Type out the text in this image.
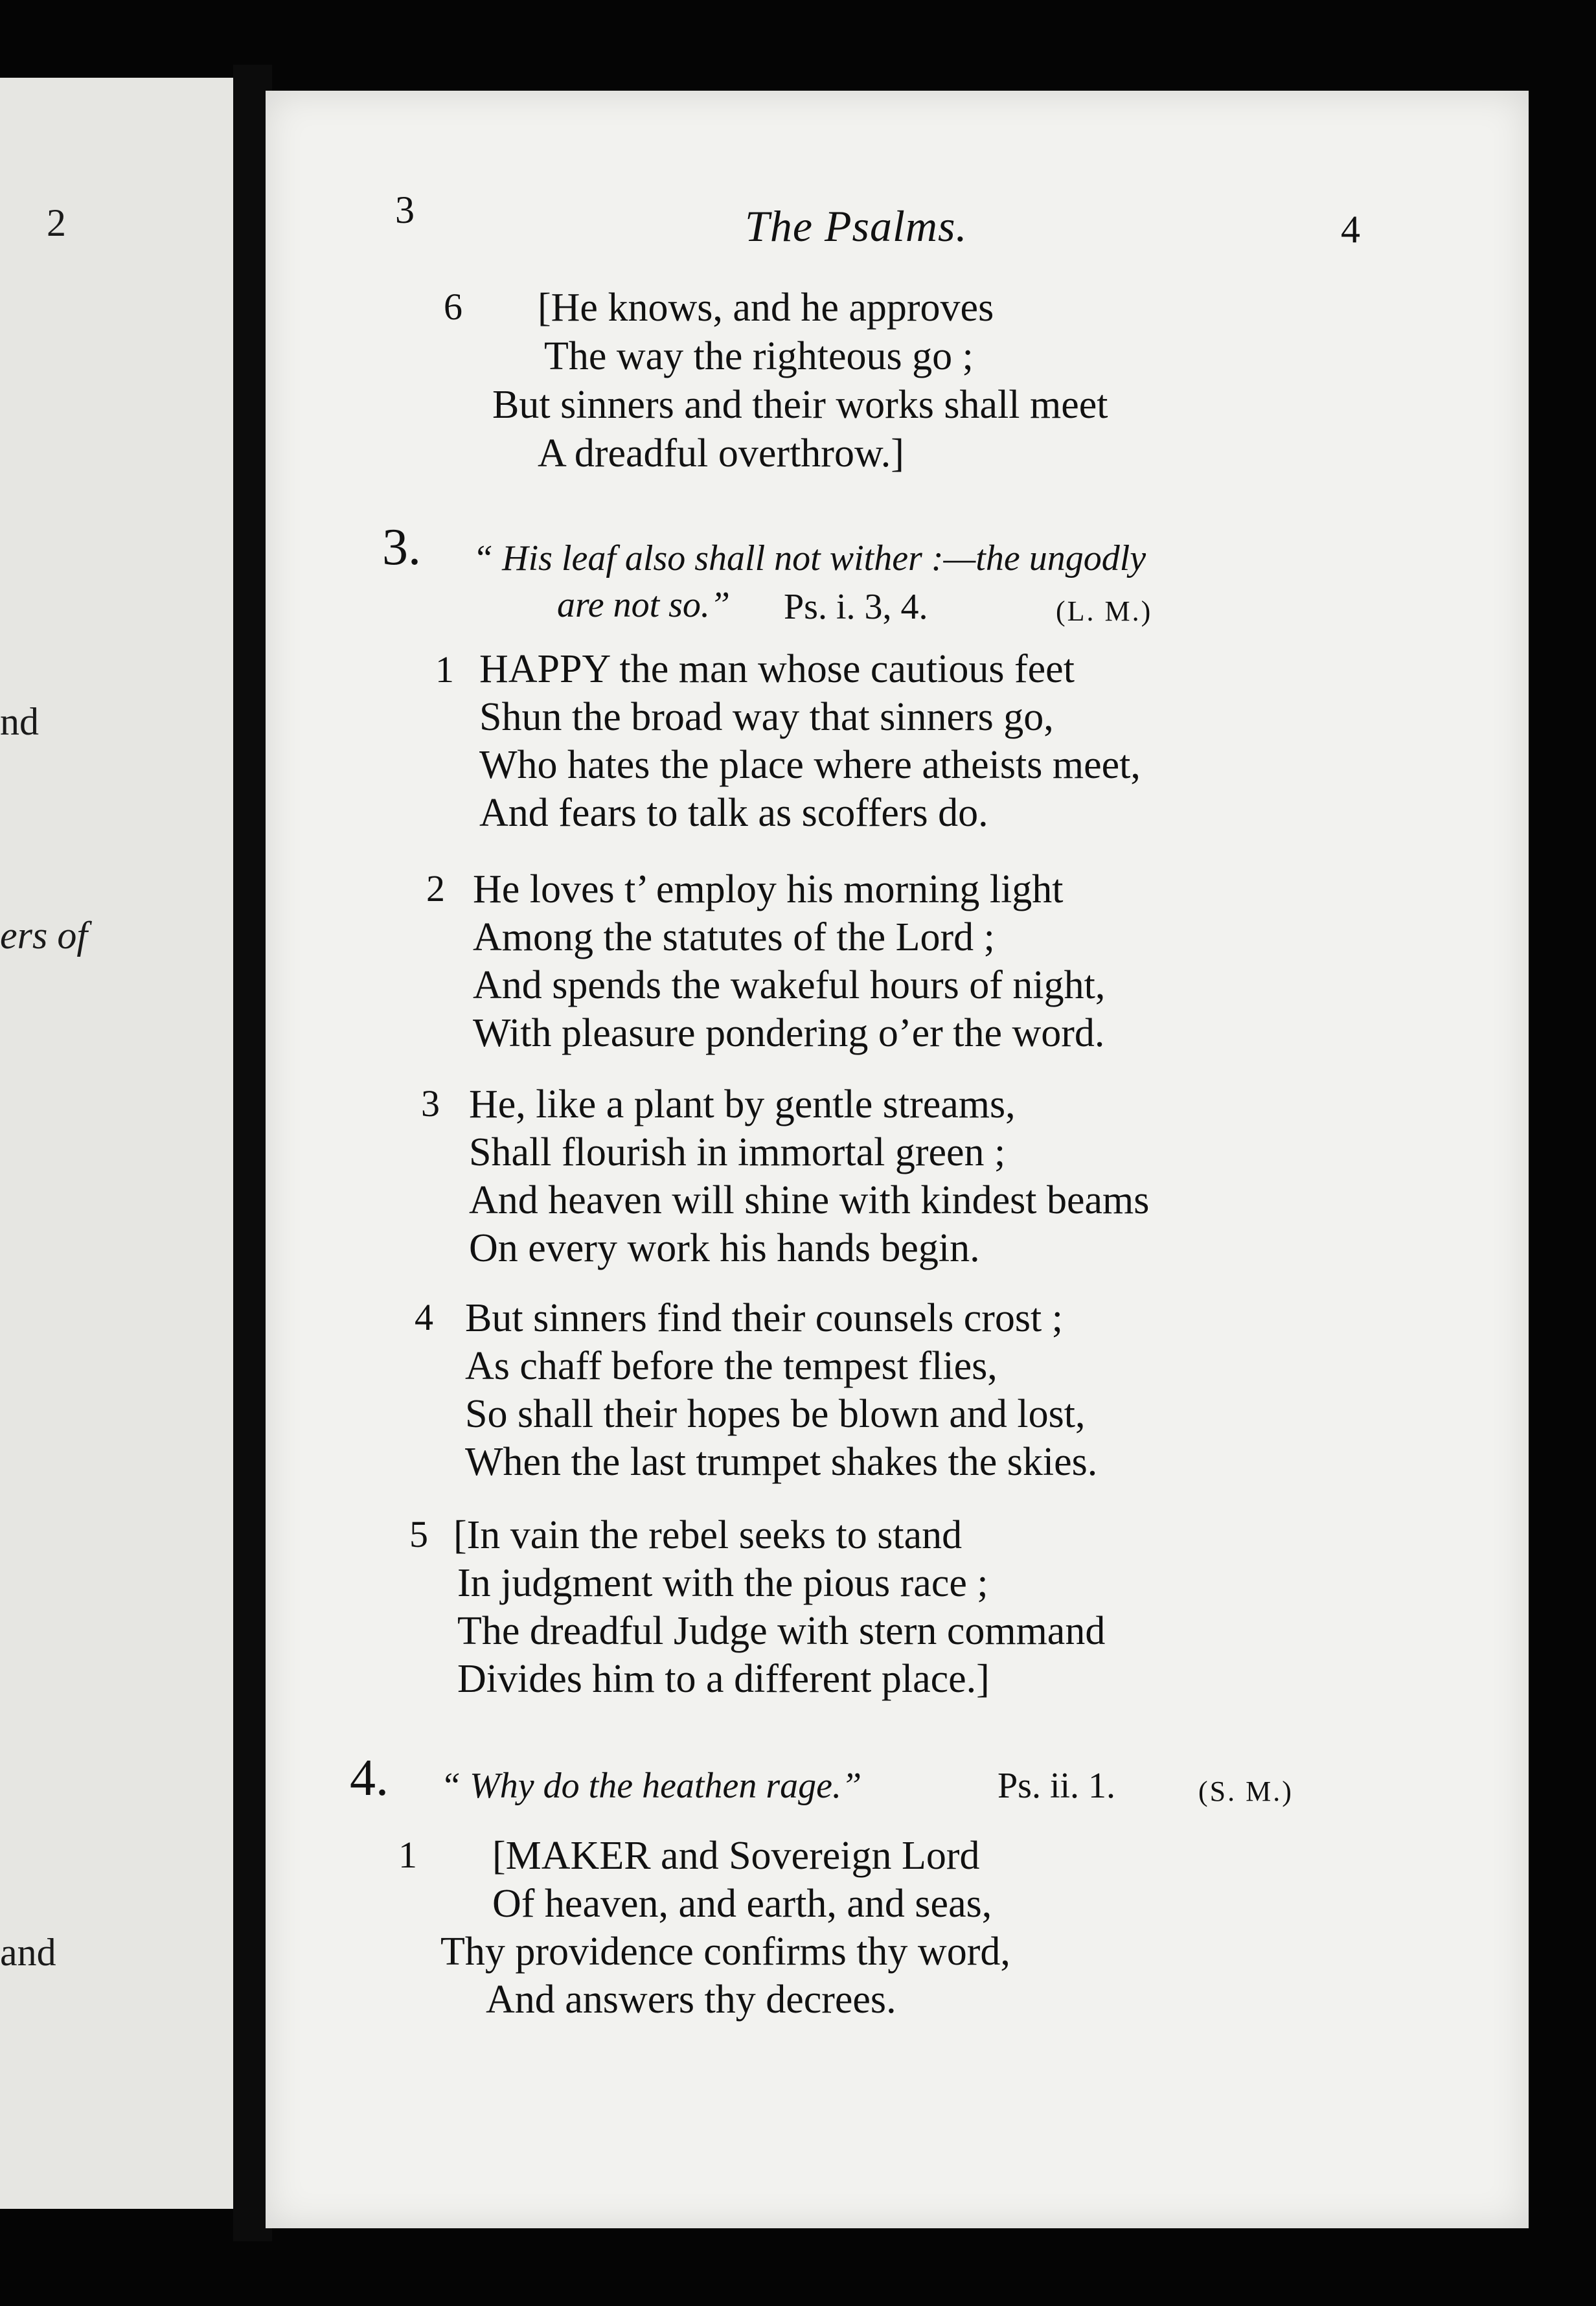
2
nd
ers of
and
3	The Psalms.	4
6 [He knows, and he approves
The way the righteous go ;
But sinners and their works shall meet
A dreadful overthrow.]
3. “ His leaf also shall not wither :—the ungodly
are not so.” Ps. i. 3, 4.	(L. M.)
1 HAPPY the man whose cautious feet
Shun the broad way that sinners go,
Who hates the place where atheists meet,
And fears to talk as scoffers do.
2 He loves t’ employ his morning light
Among the statutes of the Lord ;
And spends the wakeful hours of night,
With pleasure pondering o’er the word.
3 He, like a plant by gentle streams,
Shall flourish in immortal green ;
And heaven will shine with kindest beams
On every work his hands begin.
4 But sinners find their counsels crost ;
As chaff before the tempest flies,
So shall their hopes be blown and lost,
When the last trumpet shakes the skies.
5 [In vain the rebel seeks to stand
In judgment with the pious race ;
The dreadful Judge with stern command
Divides him to a different place.]
4. “ Why do the heathen rage.”	Ps. ii. 1.	(S. M.)
1 [MAKER and Sovereign Lord
Of heaven, and earth, and seas,
Thy providence confirms thy word,
And answers thy decrees.
